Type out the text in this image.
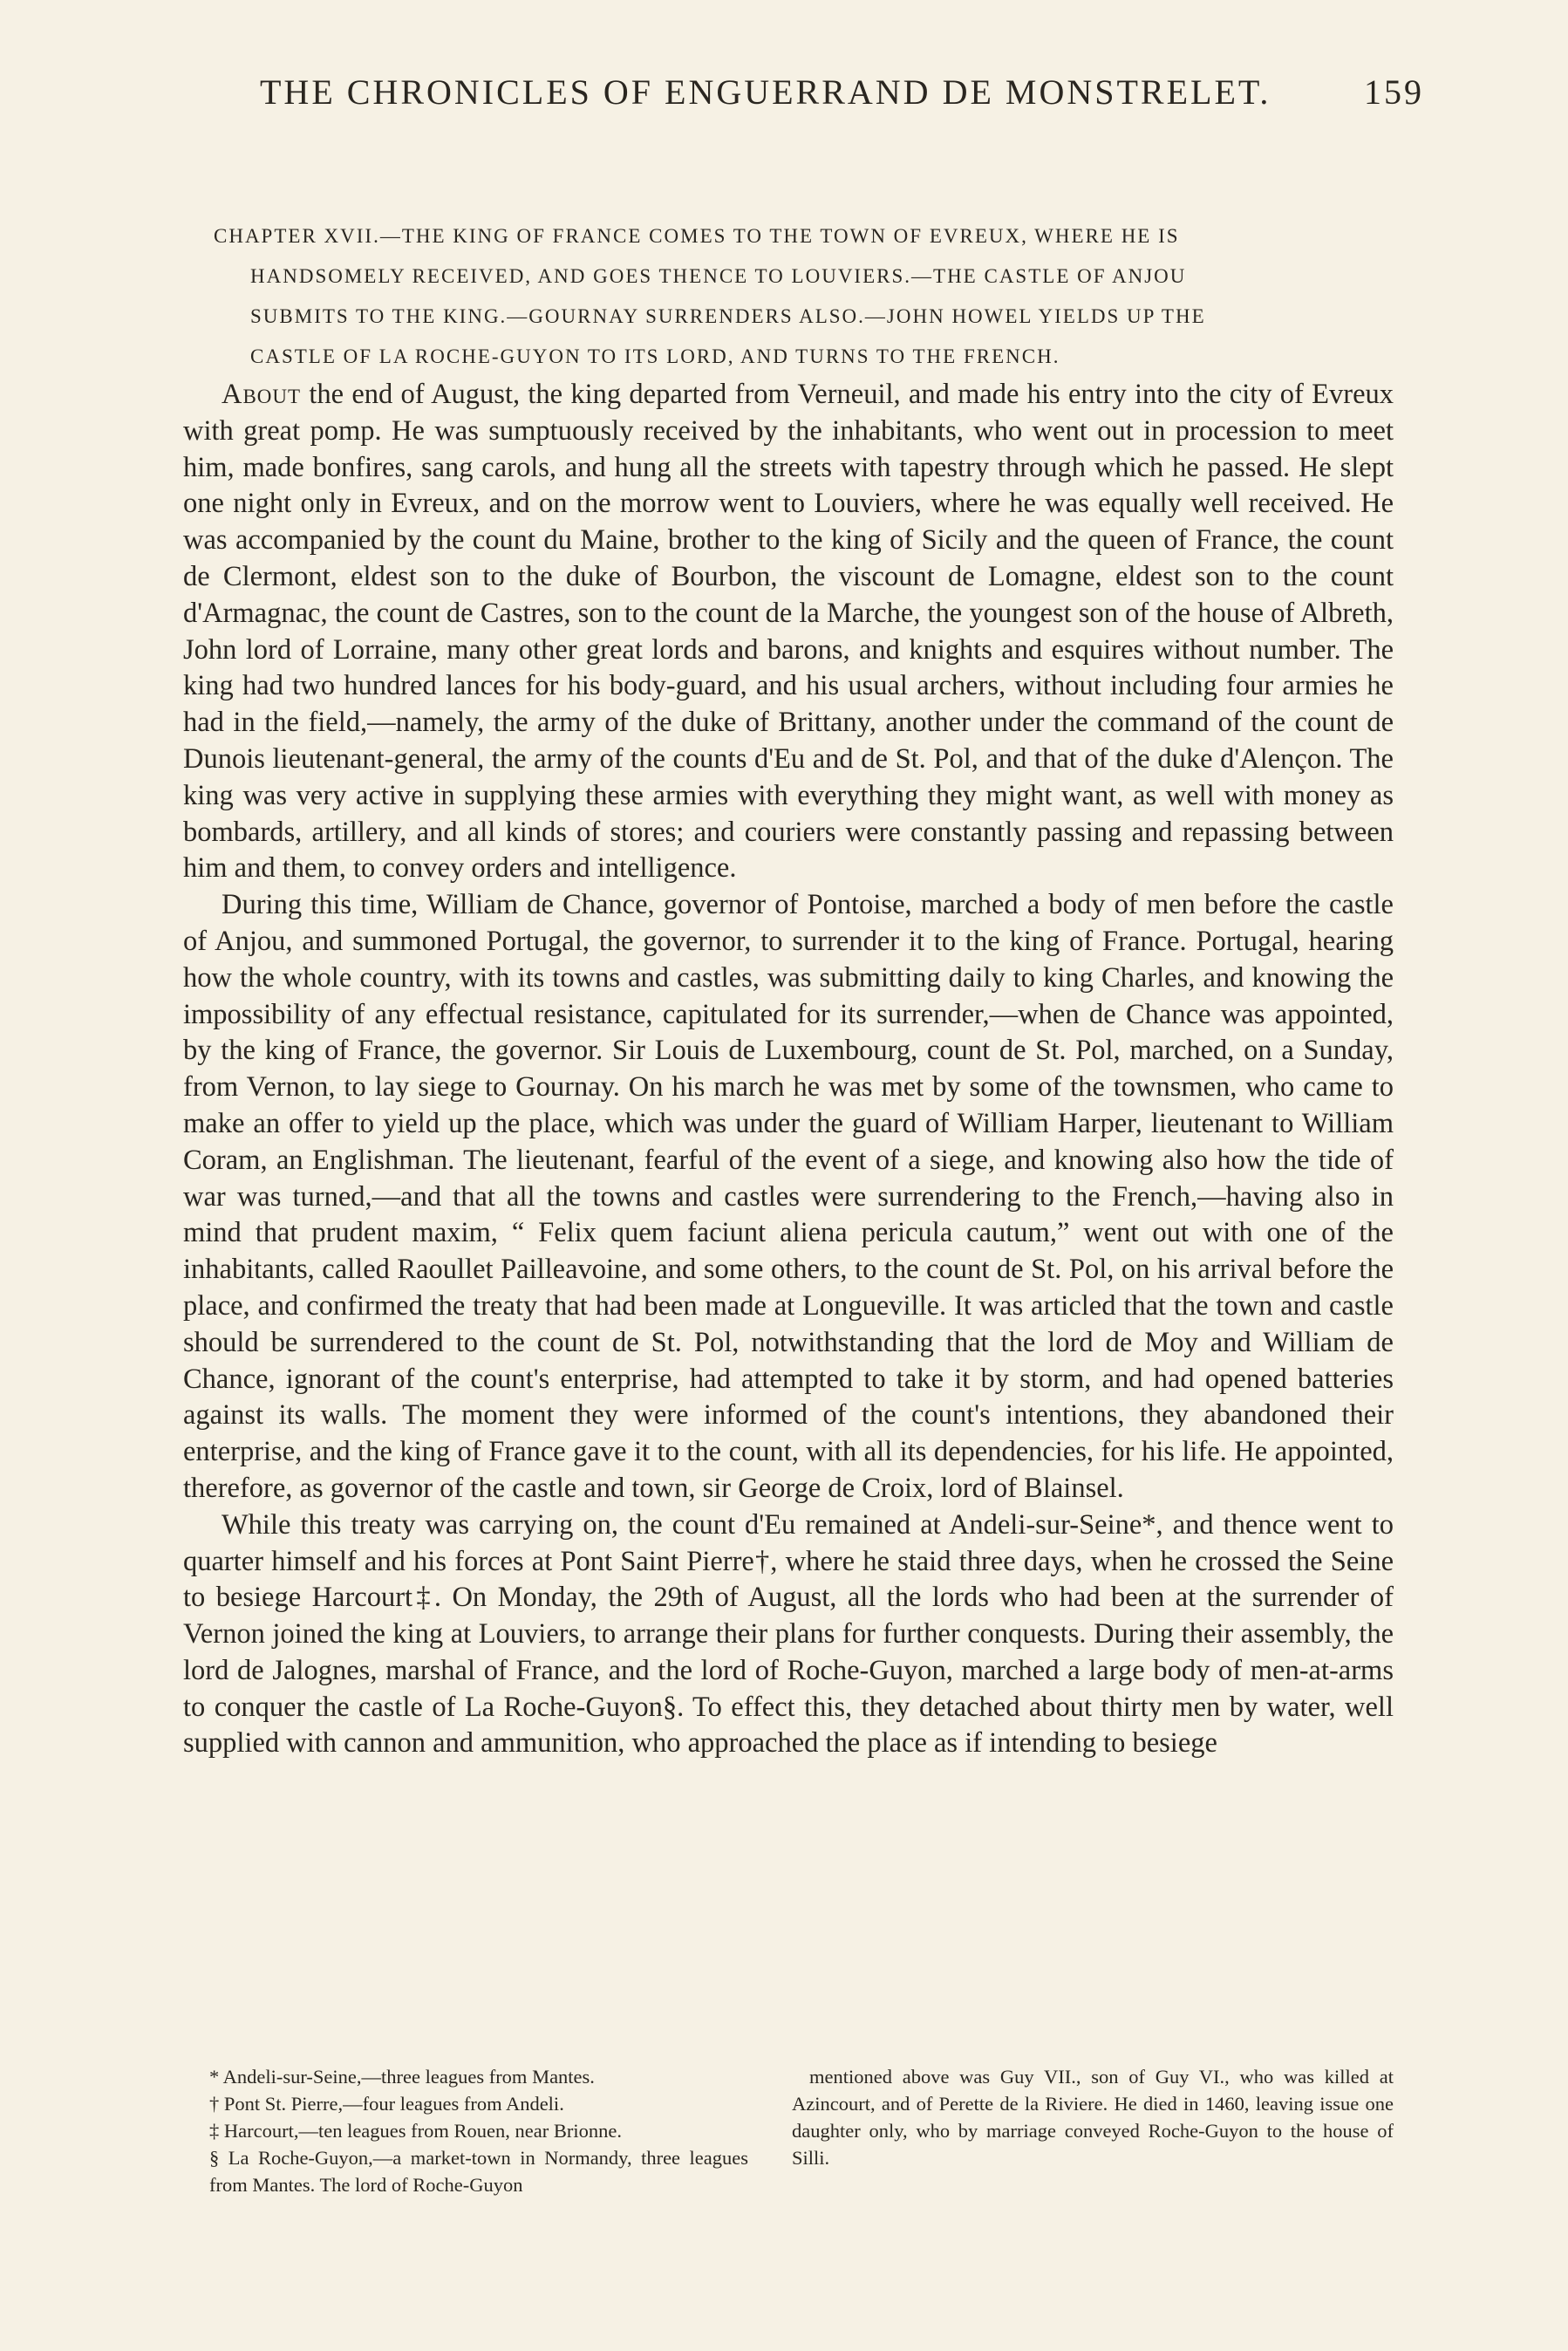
THE CHRONICLES OF ENGUERRAND DE MONSTRELET.	159
CHAPTER XVII.—THE KING OF FRANCE COMES TO THE TOWN OF EVREUX, WHERE HE IS
HANDSOMELY RECEIVED, AND GOES THENCE TO LOUVIERS.—THE CASTLE OF ANJOU
SUBMITS TO THE KING.—GOURNAY SURRENDERS ALSO.—JOHN HOWEL YIELDS UP THE
CASTLE OF LA ROCHE-GUYON TO ITS LORD, AND TURNS TO THE FRENCH.

About the end of August, the king departed from Verneuil, and made his entry into the city of Evreux with great pomp. He was sumptuously received by the inhabitants, who went out in procession to meet him, made bonfires, sang carols, and hung all the streets with tapestry through which he passed. He slept one night only in Evreux, and on the morrow went to Louviers, where he was equally well received. He was accompanied by the count du Maine, brother to the king of Sicily and the queen of France, the count de Clermont, eldest son to the duke of Bourbon, the viscount de Lomagne, eldest son to the count d'Armagnac, the count de Castres, son to the count de la Marche, the youngest son of the house of Albreth, John lord of Lorraine, many other great lords and barons, and knights and esquires without number. The king had two hundred lances for his body-guard, and his usual archers, without including four armies he had in the field,—namely, the army of the duke of Brittany, another under the command of the count de Dunois lieutenant-general, the army of the counts d'Eu and de St. Pol, and that of the duke d'Alençon. The king was very active in supplying these armies with everything they might want, as well with money as bombards, artillery, and all kinds of stores; and couriers were constantly passing and repassing between him and them, to convey orders and intelligence.

During this time, William de Chance, governor of Pontoise, marched a body of men before the castle of Anjou, and summoned Portugal, the governor, to surrender it to the king of France. Portugal, hearing how the whole country, with its towns and castles, was submitting daily to king Charles, and knowing the impossibility of any effectual resistance, capitulated for its surrender,—when de Chance was appointed, by the king of France, the governor. Sir Louis de Luxembourg, count de St. Pol, marched, on a Sunday, from Vernon, to lay siege to Gournay. On his march he was met by some of the townsmen, who came to make an offer to yield up the place, which was under the guard of William Harper, lieutenant to William Coram, an Englishman. The lieutenant, fearful of the event of a siege, and knowing also how the tide of war was turned,—and that all the towns and castles were surrendering to the French,—having also in mind that prudent maxim, “ Felix quem faciunt aliena pericula cautum,” went out with one of the inhabitants, called Raoullet Pailleavoine, and some others, to the count de St. Pol, on his arrival before the place, and confirmed the treaty that had been made at Longueville. It was articled that the town and castle should be surrendered to the count de St. Pol, notwithstanding that the lord de Moy and William de Chance, ignorant of the count's enterprise, had attempted to take it by storm, and had opened batteries against its walls. The moment they were informed of the count's intentions, they abandoned their enterprise, and the king of France gave it to the count, with all its dependencies, for his life. He appointed, therefore, as governor of the castle and town, sir George de Croix, lord of Blainsel.

While this treaty was carrying on, the count d'Eu remained at Andeli-sur-Seine*, and thence went to quarter himself and his forces at Pont Saint Pierre†, where he staid three days, when he crossed the Seine to besiege Harcourt‡. On Monday, the 29th of August, all the lords who had been at the surrender of Vernon joined the king at Louviers, to arrange their plans for further conquests. During their assembly, the lord de Jalognes, marshal of France, and the lord of Roche-Guyon, marched a large body of men-at-arms to conquer the castle of La Roche-Guyon§. To effect this, they detached about thirty men by water, well supplied with cannon and ammunition, who approached the place as if intending to besiege

* Andeli-sur-Seine,—three leagues from Mantes.

† Pont St. Pierre,—four leagues from Andeli.

‡ Harcourt,—ten leagues from Rouen, near Brionne.

§ La Roche-Guyon,—a market-town in Normandy, three leagues from Mantes. The lord of Roche-Guyon

mentioned above was Guy VII., son of Guy VI., who was killed at Azincourt, and of Perette de la Riviere. He died in 1460, leaving issue one daughter only, who by marriage conveyed Roche-Guyon to the house of Silli.
